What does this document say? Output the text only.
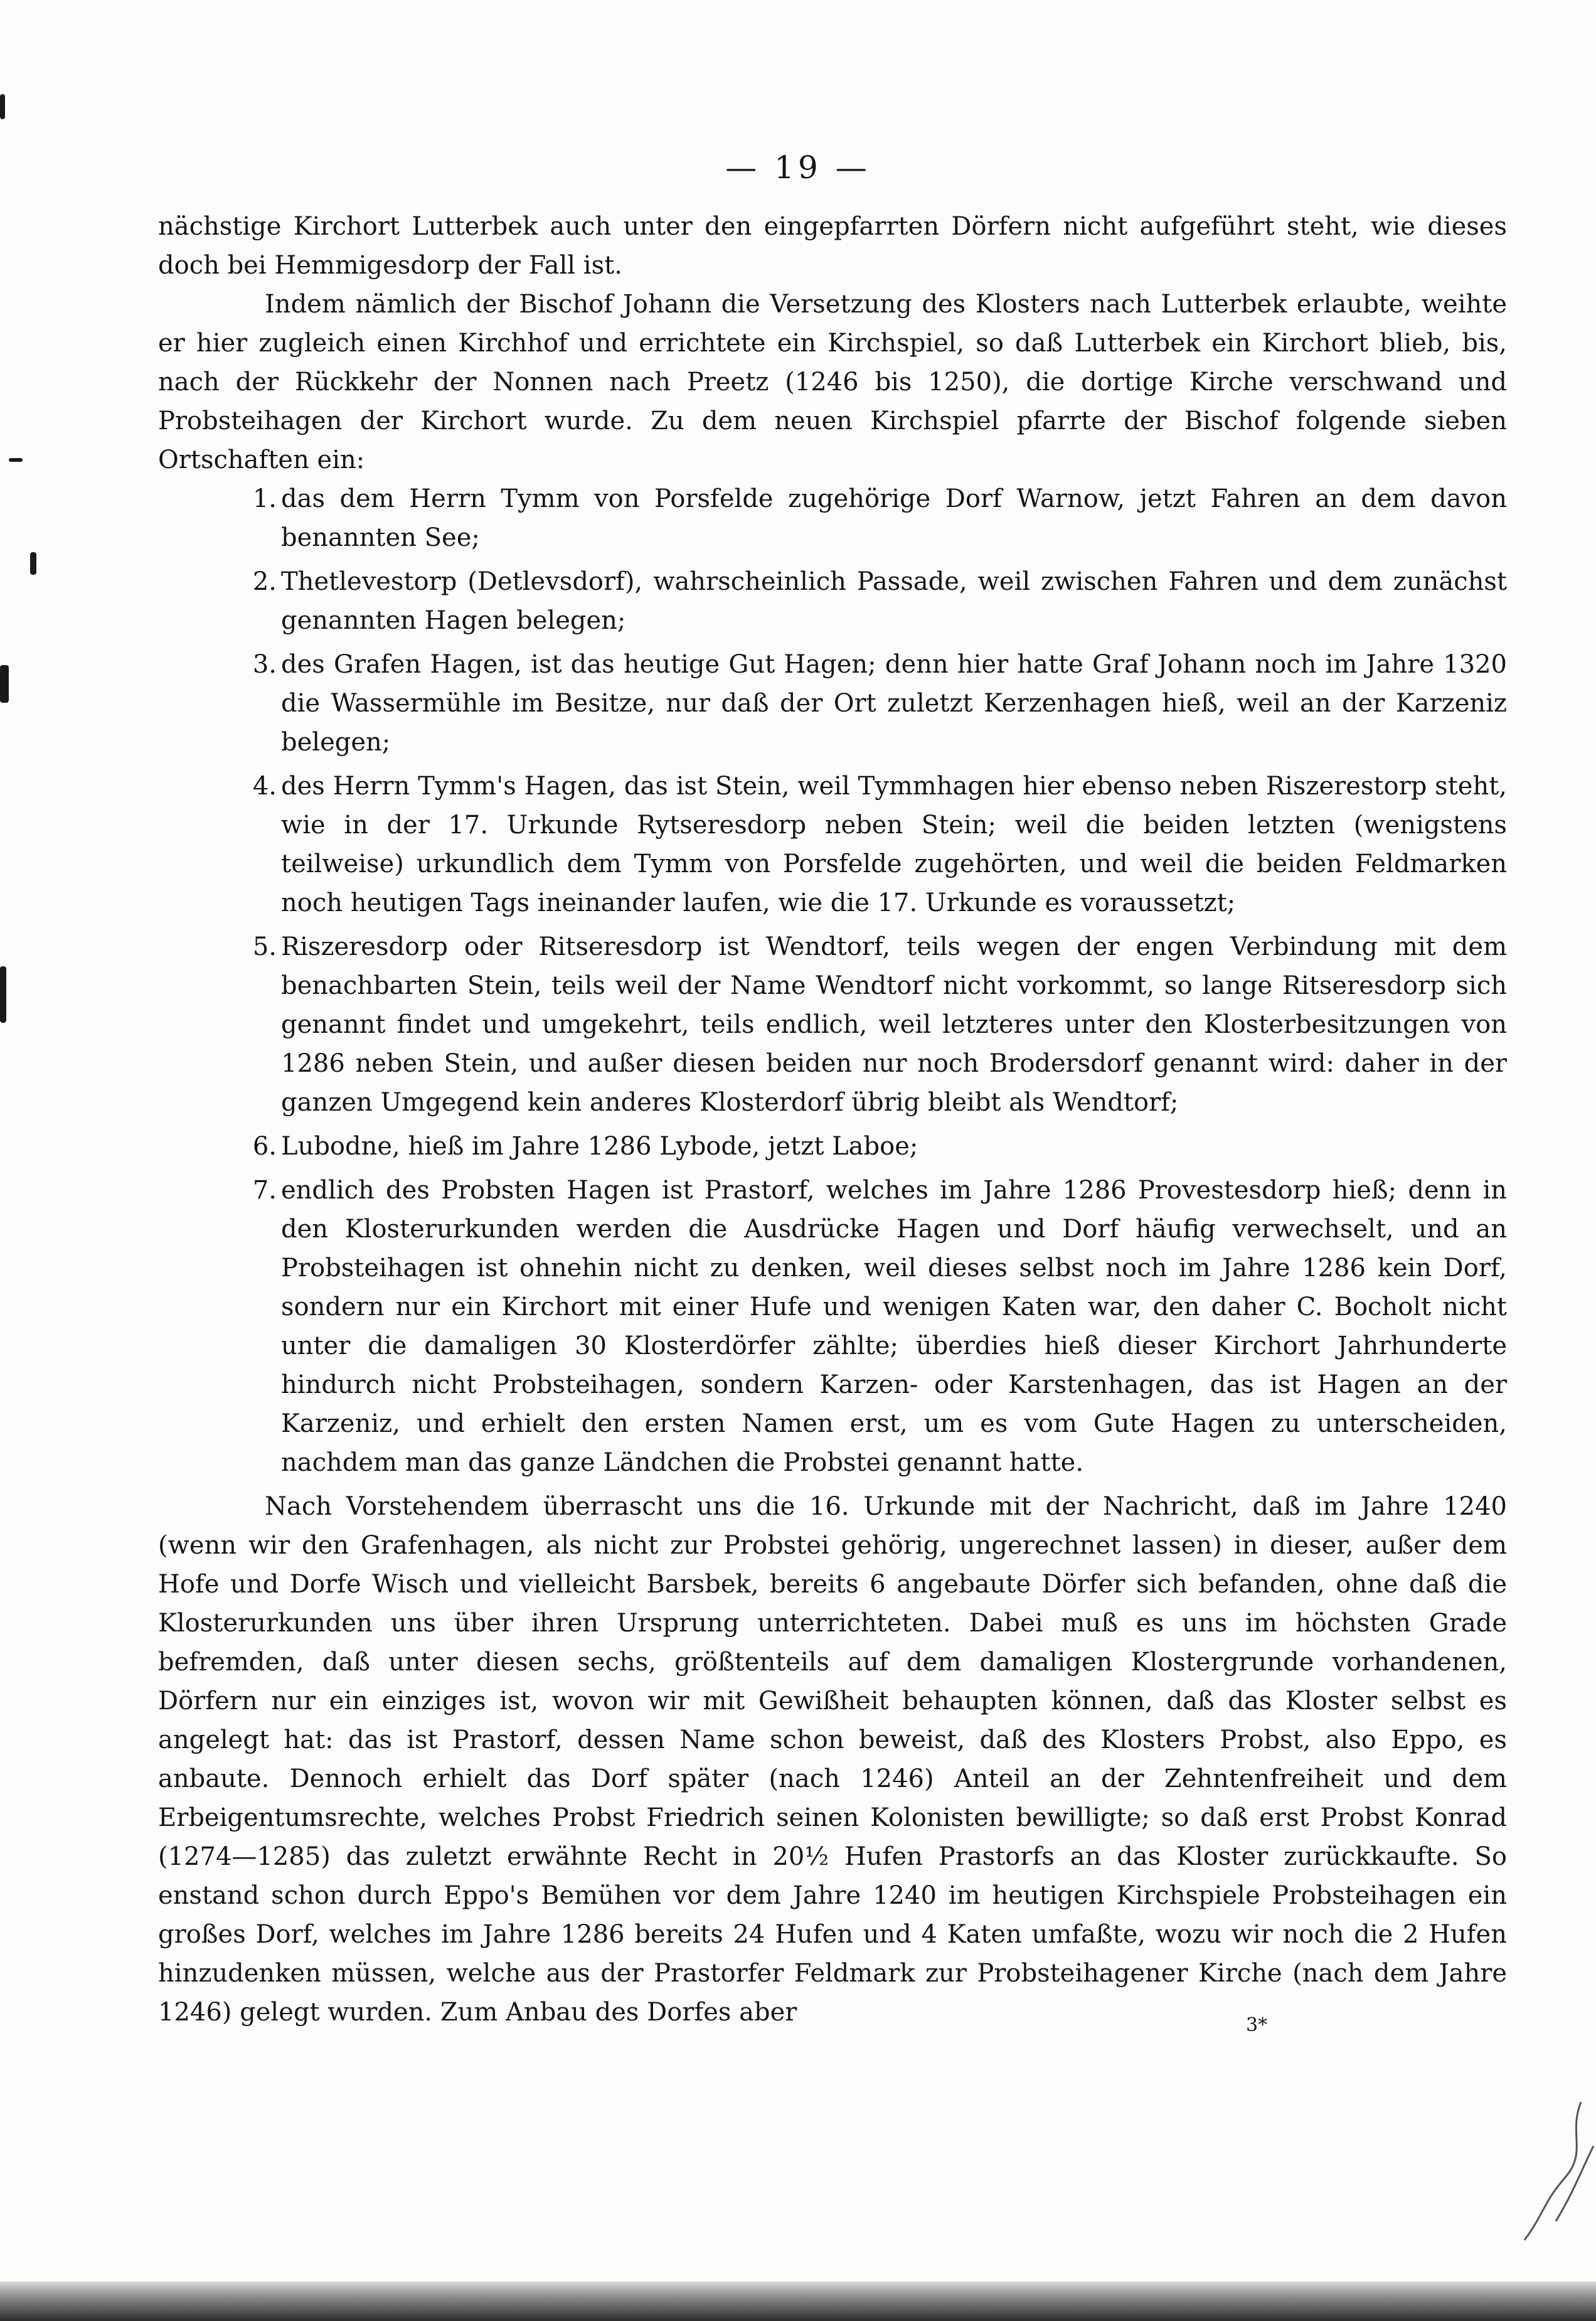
— 19 —

nächstige Kirchort Lutterbek auch unter den eingepfarrten Dörfern nicht aufgeführt steht, wie dieses doch bei Hemmigesdorp der Fall ist.

Indem nämlich der Bischof Johann die Versetzung des Klosters nach Lutterbek erlaubte, weihte er hier zugleich einen Kirchhof und errichtete ein Kirchspiel, so daß Lutterbek ein Kirchort blieb, bis, nach der Rückkehr der Nonnen nach Preetz (1246 bis 1250), die dortige Kirche verschwand und Probsteihagen der Kirchort wurde. Zu dem neuen Kirchspiel pfarrte der Bischof folgende sieben Ortschaften ein:

1. das dem Herrn Tymm von Porsfelde zugehörige Dorf Warnow, jetzt Fahren an dem davon benannten See;
2. Thetlevestorp (Detlevsdorf), wahrscheinlich Passade, weil zwischen Fahren und dem zunächst genannten Hagen belegen;
3. des Grafen Hagen, ist das heutige Gut Hagen; denn hier hatte Graf Johann noch im Jahre 1320 die Wassermühle im Besitze, nur daß der Ort zuletzt Kerzenhagen hieß, weil an der Karzeniz belegen;
4. des Herrn Tymm's Hagen, das ist Stein, weil Tymmhagen hier ebenso neben Riszerestorp steht, wie in der 17. Urkunde Rytseresdorp neben Stein; weil die beiden letzten (wenigstens teilweise) urkundlich dem Tymm von Porsfelde zugehörten, und weil die beiden Feldmarken noch heutigen Tags ineinander laufen, wie die 17. Urkunde es voraussetzt;
5. Riszeresdorp oder Ritseresdorp ist Wendtorf, teils wegen der engen Verbindung mit dem benachbarten Stein, teils weil der Name Wendtorf nicht vorkommt, so lange Ritseresdorp sich genannt findet und umgekehrt, teils endlich, weil letzteres unter den Klosterbesitzungen von 1286 neben Stein, und außer diesen beiden nur noch Brodersdorf genannt wird: daher in der ganzen Umgegend kein anderes Klosterdorf übrig bleibt als Wendtorf;
6. Lubodne, hieß im Jahre 1286 Lybode, jetzt Laboe;
7. endlich des Probsten Hagen ist Prastorf, welches im Jahre 1286 Provestesdorp hieß; denn in den Klosterurkunden werden die Ausdrücke Hagen und Dorf häufig verwechselt, und an Probsteihagen ist ohnehin nicht zu denken, weil dieses selbst noch im Jahre 1286 kein Dorf, sondern nur ein Kirchort mit einer Hufe und wenigen Katen war, den daher C. Bocholt nicht unter die damaligen 30 Klosterdörfer zählte; überdies hieß dieser Kirchort Jahrhunderte hindurch nicht Probsteihagen, sondern Karzen- oder Karstenhagen, das ist Hagen an der Karzeniz, und erhielt den ersten Namen erst, um es vom Gute Hagen zu unterscheiden, nachdem man das ganze Ländchen die Probstei genannt hatte.

Nach Vorstehendem überrascht uns die 16. Urkunde mit der Nachricht, daß im Jahre 1240 (wenn wir den Grafenhagen, als nicht zur Probstei gehörig, ungerechnet lassen) in dieser, außer dem Hofe und Dorfe Wisch und vielleicht Barsbek, bereits 6 angebaute Dörfer sich befanden, ohne daß die Klosterurkunden uns über ihren Ursprung unterrichteten. Dabei muß es uns im höchsten Grade befremden, daß unter diesen sechs, größtenteils auf dem damaligen Klostergrunde vorhandenen, Dörfern nur ein einziges ist, wovon wir mit Gewißheit behaupten können, daß das Kloster selbst es angelegt hat: das ist Prastorf, dessen Name schon beweist, daß des Klosters Probst, also Eppo, es anbaute. Dennoch erhielt das Dorf später (nach 1246) Anteil an der Zehntenfreiheit und dem Erbeigentumsrechte, welches Probst Friedrich seinen Kolonisten bewilligte; so daß erst Probst Konrad (1274—1285) das zuletzt erwähnte Recht in 20½ Hufen Prastorfs an das Kloster zurückkaufte. So enstand schon durch Eppo's Bemühen vor dem Jahre 1240 im heutigen Kirchspiele Probsteihagen ein großes Dorf, welches im Jahre 1286 bereits 24 Hufen und 4 Katen umfaßte, wozu wir noch die 2 Hufen hinzudenken müssen, welche aus der Prastorfer Feldmark zur Probsteihagener Kirche (nach dem Jahre 1246) gelegt wurden. Zum Anbau des Dorfes aber	3*
